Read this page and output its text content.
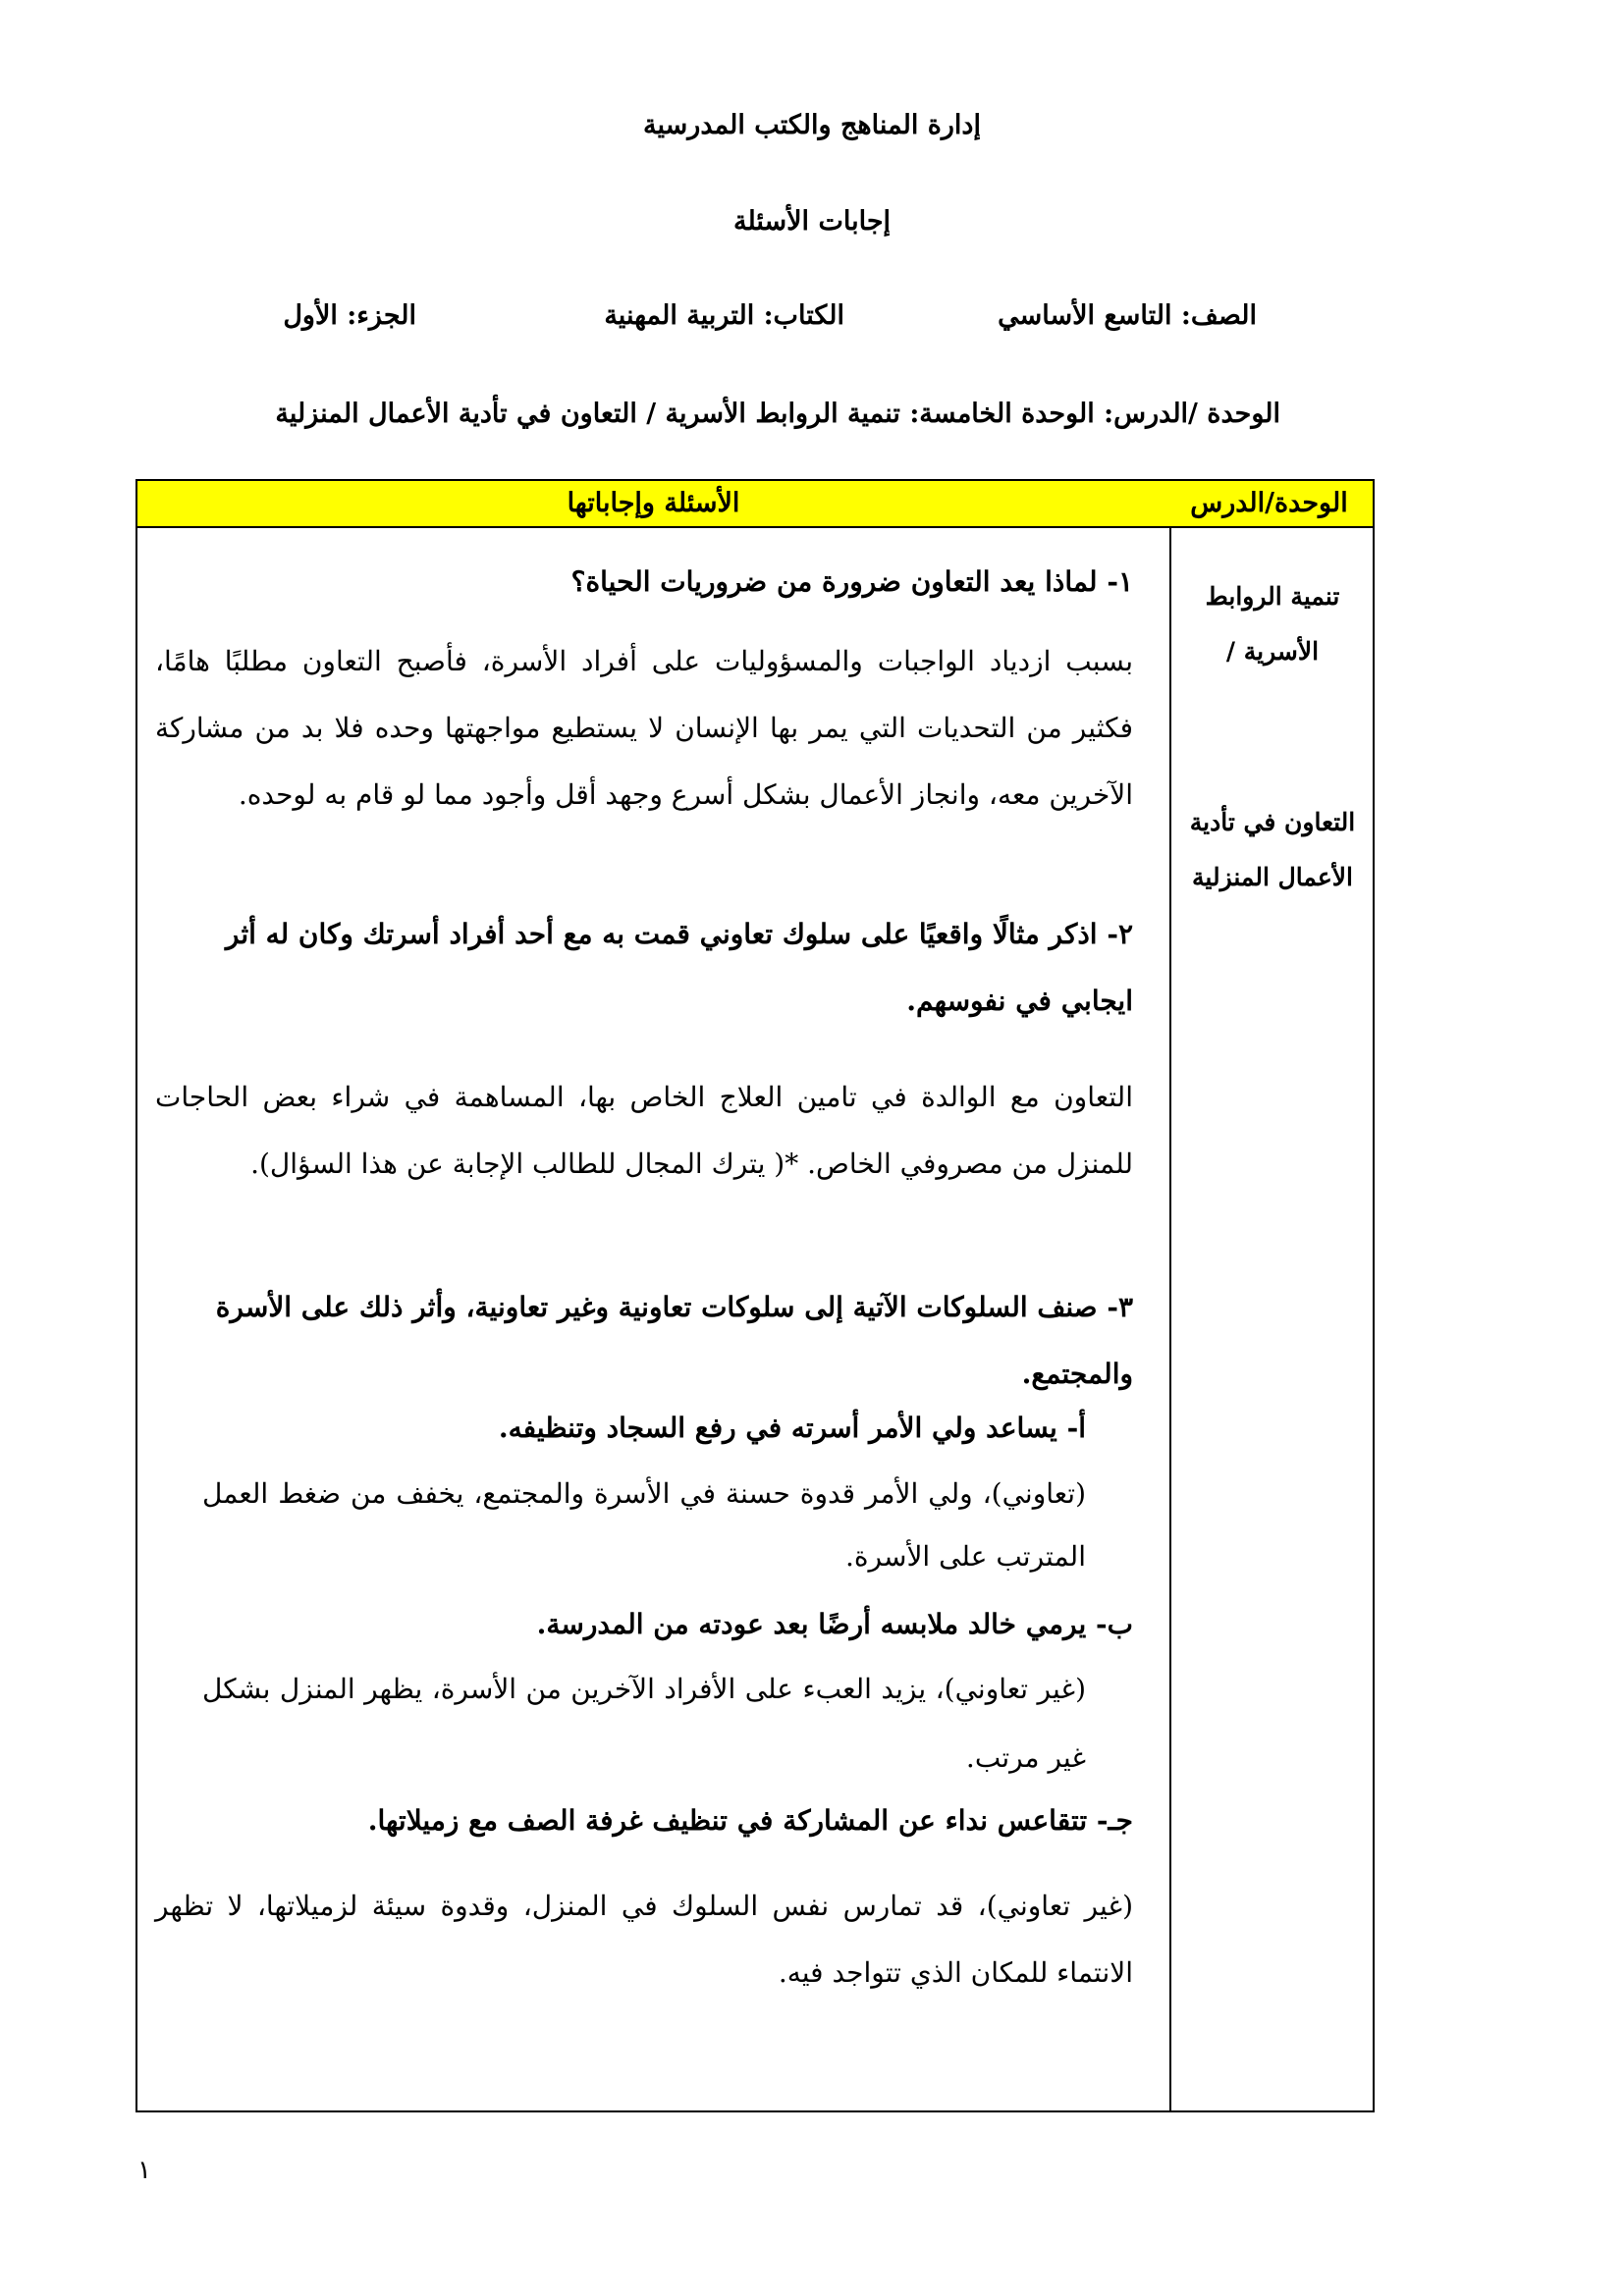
إدارة المناهج والكتب المدرسية
إجابات الأسئلة
الصف: التاسع الأساسي
الكتاب: التربية المهنية
الجزء: الأول
الوحدة /الدرس: الوحدة الخامسة: تنمية الروابط الأسرية / التعاون في تأدية الأعمال المنزلية
الأسئلة وإجاباتها	الوحدة/الدرس
تنمية الروابط الأسرية /
التعاون في تأدية الأعمال المنزلية
١- لماذا يعد التعاون ضرورة من ضروريات الحياة؟
بسبب ازدياد الواجبات والمسؤوليات على أفراد الأسرة، فأصبح التعاون مطلبًا هامًا، فكثير من التحديات التي يمر بها الإنسان لا يستطيع مواجهتها وحده فلا بد من مشاركة الآخرين معه، وانجاز الأعمال بشكل أسرع وجهد أقل وأجود مما لو قام به لوحده.
٢- اذكر مثالًا واقعيًا على سلوك تعاوني قمت به مع أحد أفراد أسرتك وكان له أثر ايجابي في نفوسهم.
التعاون مع الوالدة في تامين العلاج الخاص بها، المساهمة في شراء بعض الحاجات للمنزل من مصروفي الخاص. *( يترك المجال للطالب الإجابة عن هذا السؤال).
٣- صنف السلوكات الآتية إلى سلوكات تعاونية وغير تعاونية، وأثر ذلك على الأسرة والمجتمع.
أ- يساعد ولي الأمر أسرته في رفع السجاد وتنظيفه.
(تعاوني)، ولي الأمر قدوة حسنة في الأسرة والمجتمع، يخفف من ضغط العمل المترتب على الأسرة.
ب- يرمي خالد ملابسه أرضًا بعد عودته من المدرسة.
(غير تعاوني)، يزيد العبء على الأفراد الآخرين من الأسرة، يظهر المنزل بشكل غير مرتب.
جـ- تتقاعس نداء عن المشاركة في تنظيف غرفة الصف مع زميلاتها.
(غير تعاوني)، قد تمارس نفس السلوك في المنزل، وقدوة سيئة لزميلاتها، لا تظهر الانتماء للمكان الذي تتواجد فيه.
١
